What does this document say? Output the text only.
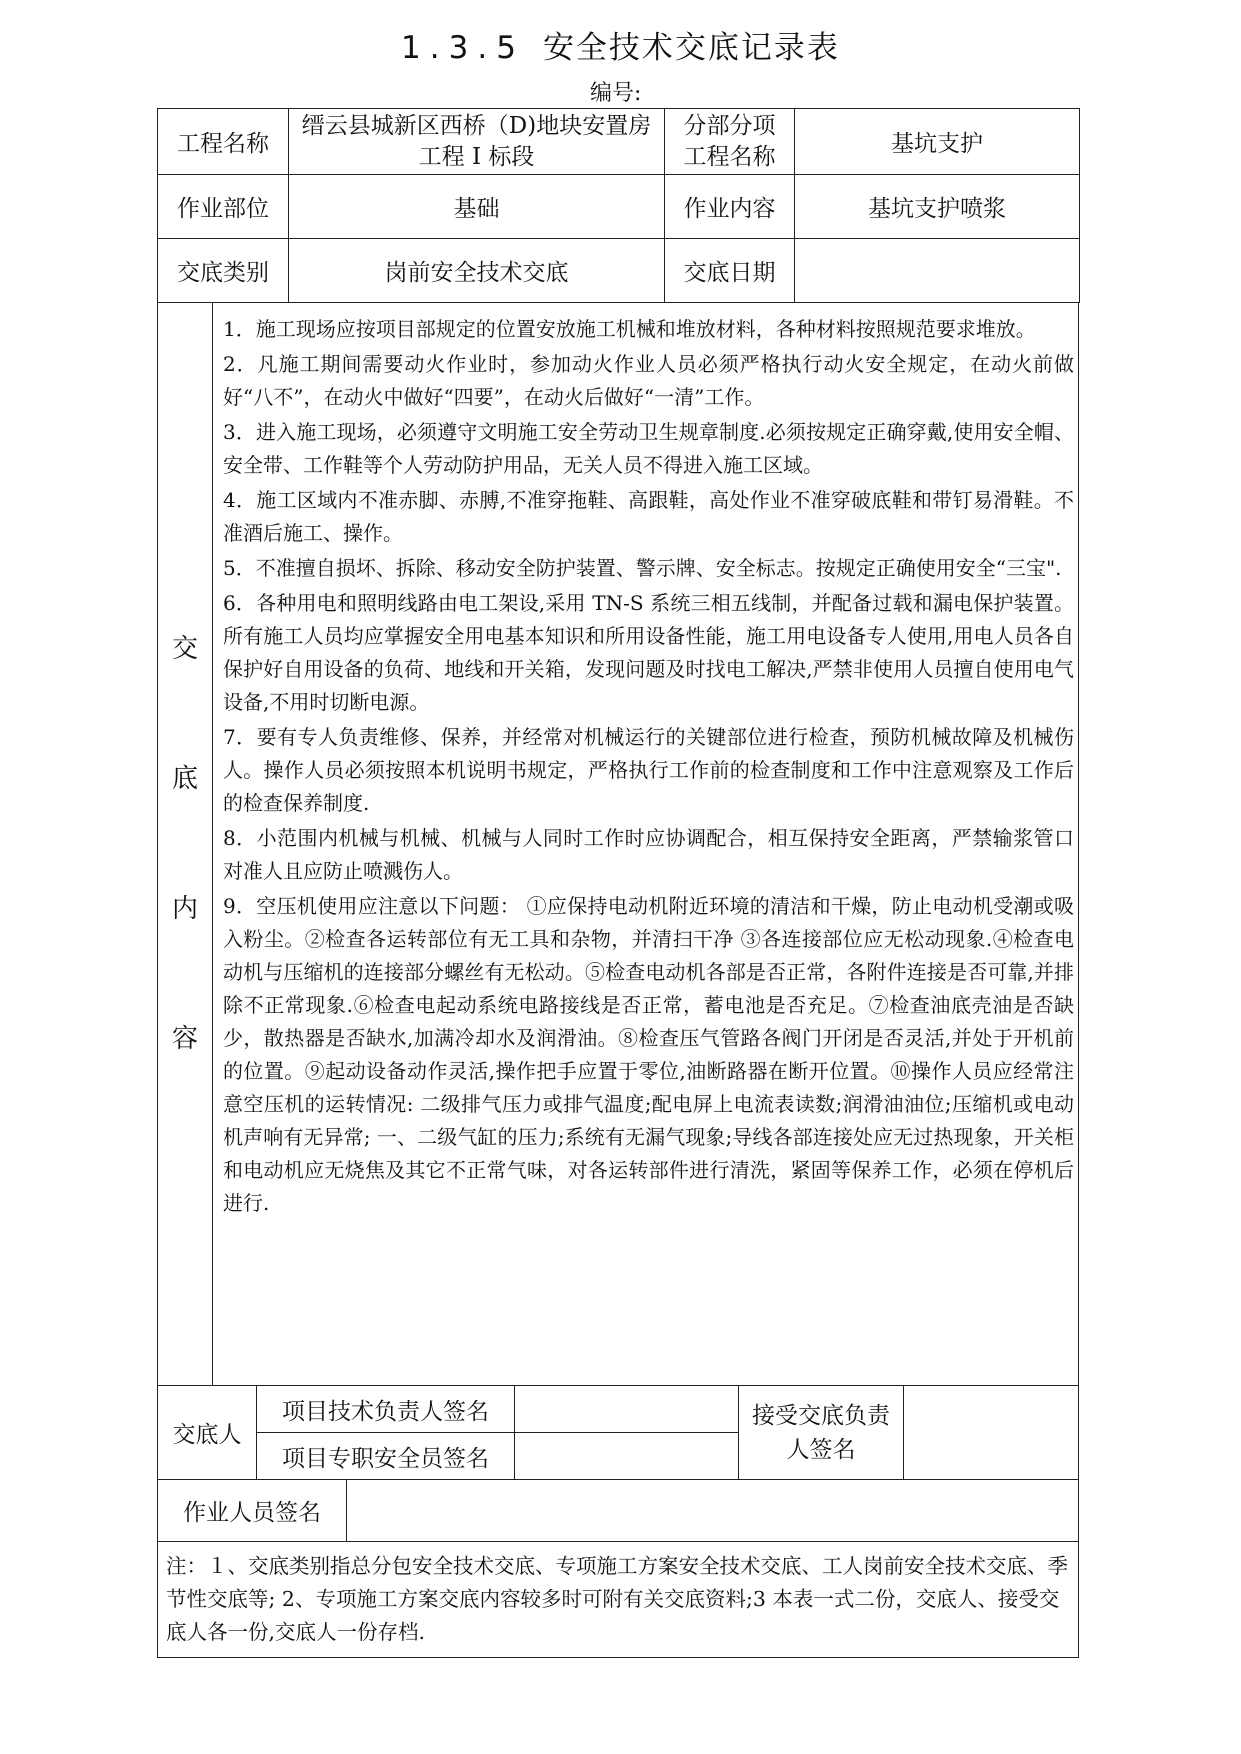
1.3.5 安全技术交底记录表
编号:
工程名称	缙云县城新区西桥（D)地块安置房工程 I 标段	分部分项工程名称	基坑支护
作业部位	基础	作业内容	基坑支护喷浆
交底类别	岗前安全技术交底	交底日期	
交
底
内
容

1．施工现场应按项目部规定的位置安放施工机械和堆放材料，各种材料按照规范要求堆放。

2．凡施工期间需要动火作业时，参加动火作业人员必须严格执行动火安全规定，在动火前做好“八不”，在动火中做好“四要”，在动火后做好“一清”工作。

3．进入施工现场，必须遵守文明施工安全劳动卫生规章制度.必须按规定正确穿戴,使用安全帽、安全带、工作鞋等个人劳动防护用品，无关人员不得进入施工区域。

4．施工区域内不准赤脚、赤膊,不准穿拖鞋、高跟鞋，高处作业不准穿破底鞋和带钉易滑鞋。不准酒后施工、操作。

5．不准擅自损坏、拆除、移动安全防护装置、警示牌、安全标志。按规定正确使用安全“三宝".

6．各种用电和照明线路由电工架设,采用 TN-S 系统三相五线制，并配备过载和漏电保护装置。所有施工人员均应掌握安全用电基本知识和所用设备性能，施工用电设备专人使用,用电人员各自保护好自用设备的负荷、地线和开关箱，发现问题及时找电工解决,严禁非使用人员擅自使用电气设备,不用时切断电源。

7．要有专人负责维修、保养，并经常对机械运行的关键部位进行检查，预防机械故障及机械伤人。操作人员必须按照本机说明书规定，严格执行工作前的检查制度和工作中注意观察及工作后的检查保养制度.

8．小范围内机械与机械、机械与人同时工作时应协调配合，相互保持安全距离，严禁输浆管口对准人且应防止喷溅伤人。

9．空压机使用应注意以下问题： ①应保持电动机附近环境的清洁和干燥，防止电动机受潮或吸入粉尘。②检查各运转部位有无工具和杂物，并清扫干净 ③各连接部位应无松动现象.④检查电动机与压缩机的连接部分螺丝有无松动。⑤检查电动机各部是否正常，各附件连接是否可靠,并排除不正常现象.⑥检查电起动系统电路接线是否正常，蓄电池是否充足。⑦检查油底壳油是否缺少，散热器是否缺水,加满冷却水及润滑油。⑧检查压气管路各阀门开闭是否灵活,并处于开机前的位置。⑨起动设备动作灵活,操作把手应置于零位,油断路器在断开位置。⑩操作人员应经常注意空压机的运转情况: 二级排气压力或排气温度;配电屏上电流表读数;润滑油油位;压缩机或电动机声响有无异常; 一、二级气缸的压力;系统有无漏气现象;导线各部连接处应无过热现象，开关柜和电动机应无烧焦及其它不正常气味，对各运转部件进行清洗，紧固等保养工作，必须在停机后进行.

交底人	项目技术负责人签名		接受交底负责人签名	
	项目专职安全员签名			
作业人员签名	
注：１、交底类别指总分包安全技术交底、专项施工方案安全技术交底、工人岗前安全技术交底、季节性交底等; 2、专项施工方案交底内容较多时可附有关交底资料;3 本表一式二份，交底人、接受交底人各一份,交底人一份存档.
